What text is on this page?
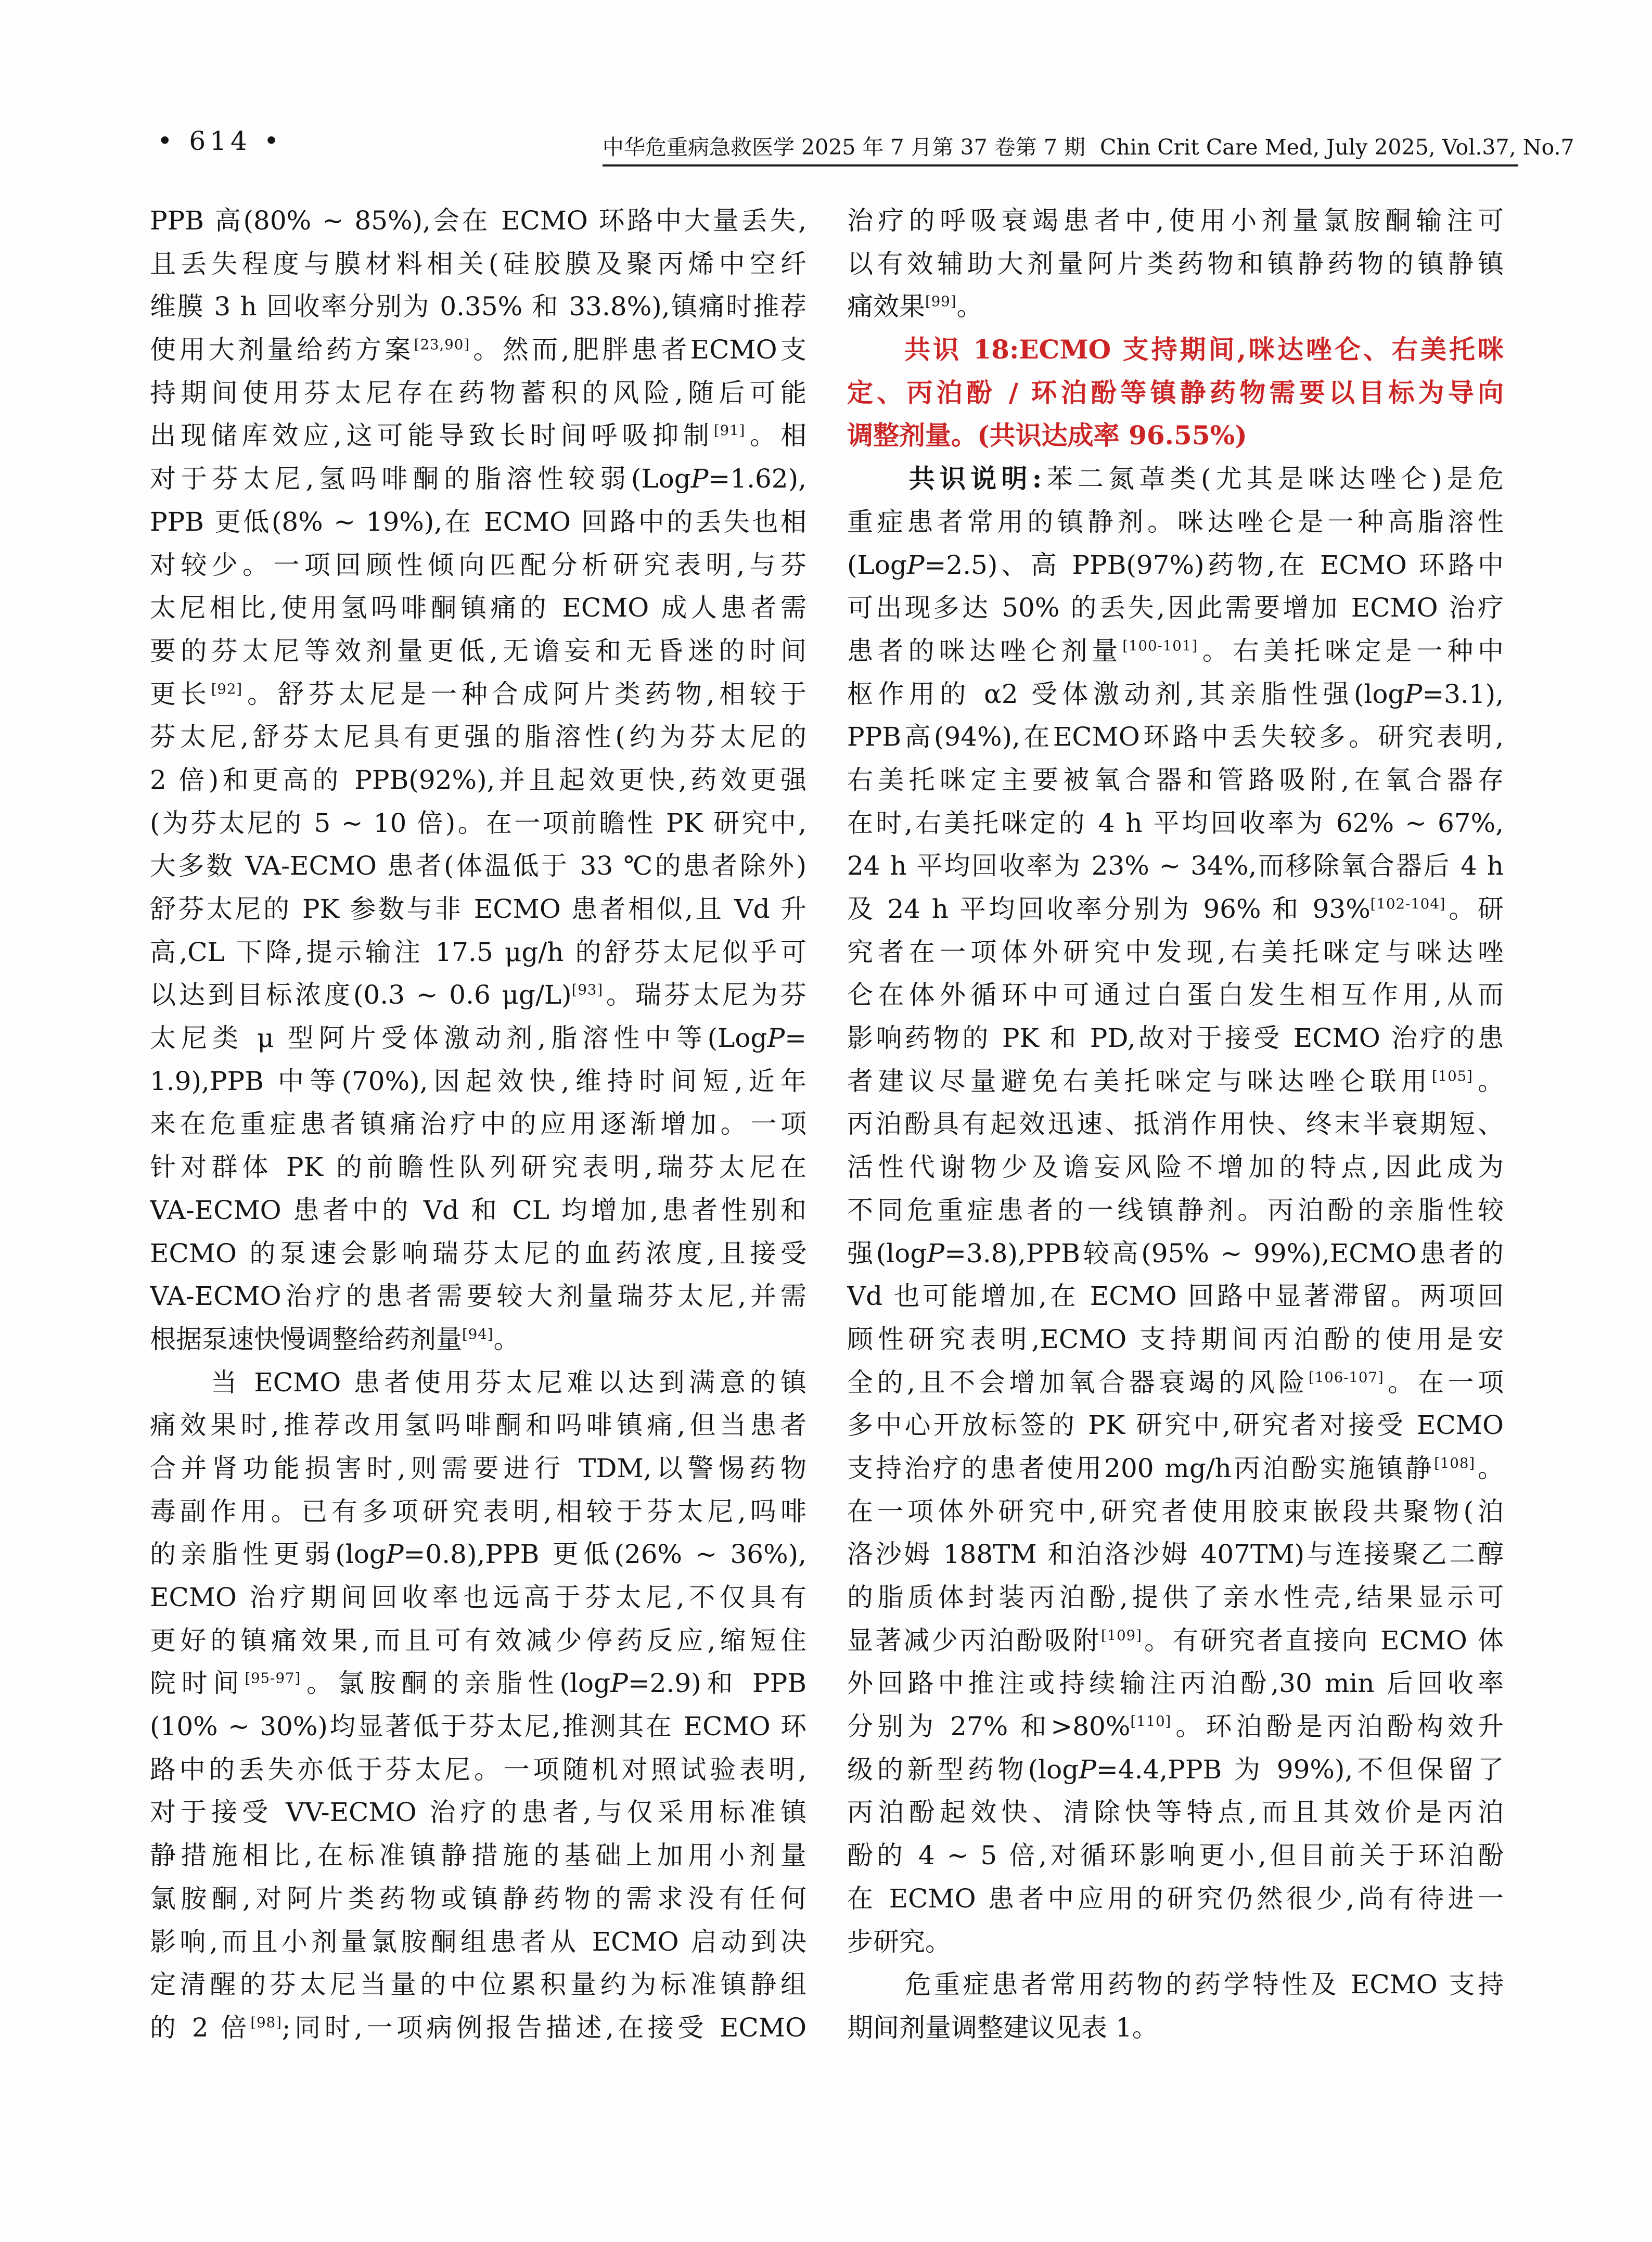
• 614 •	中华危重病急救医学 2025 年 7 月第 37 卷第 7 期 Chin Crit Care Med, July 2025, Vol.37, No.7
PPB 高(80% ~ 85%),会在 ECMO 环路中大量丢失,
且丢失程度与膜材料相关(硅胶膜及聚丙烯中空纤
维膜 3 h 回收率分别为 0.35% 和 33.8%),镇痛时推荐
使用大剂量给药方案[23,90]。然而,肥胖患者ECMO支
持期间使用芬太尼存在药物蓄积的风险,随后可能
出现储库效应,这可能导致长时间呼吸抑制[91]。相
对于芬太尼,氢吗啡酮的脂溶性较弱(LogP=1.62),
PPB 更低(8% ~ 19%),在 ECMO 回路中的丢失也相
对较少。一项回顾性倾向匹配分析研究表明,与芬
太尼相比,使用氢吗啡酮镇痛的 ECMO 成人患者需
要的芬太尼等效剂量更低,无谵妄和无昏迷的时间
更长[92]。舒芬太尼是一种合成阿片类药物,相较于
芬太尼,舒芬太尼具有更强的脂溶性(约为芬太尼的
2 倍)和更高的 PPB(92%),并且起效更快,药效更强
(为芬太尼的 5 ~ 10 倍)。在一项前瞻性 PK 研究中,
大多数 VA-ECMO 患者(体温低于 33 ℃的患者除外)
舒芬太尼的 PK 参数与非 ECMO 患者相似,且 Vd 升
高,CL 下降,提示输注 17.5 μg/h 的舒芬太尼似乎可
以达到目标浓度(0.3 ~ 0.6 μg/L)[93]。瑞芬太尼为芬
太尼类 μ 型阿片受体激动剂,脂溶性中等(LogP=
1.9),PPB 中等(70%),因起效快,维持时间短,近年
来在危重症患者镇痛治疗中的应用逐渐增加。一项
针对群体 PK 的前瞻性队列研究表明,瑞芬太尼在
VA-ECMO 患者中的 Vd 和 CL 均增加,患者性别和
ECMO 的泵速会影响瑞芬太尼的血药浓度,且接受
VA-ECMO治疗的患者需要较大剂量瑞芬太尼,并需
根据泵速快慢调整给药剂量[94]。
　　当 ECMO 患者使用芬太尼难以达到满意的镇
痛效果时,推荐改用氢吗啡酮和吗啡镇痛,但当患者
合并肾功能损害时,则需要进行 TDM,以警惕药物
毒副作用。已有多项研究表明,相较于芬太尼,吗啡
的亲脂性更弱(logP=0.8),PPB 更低(26% ~ 36%),
ECMO 治疗期间回收率也远高于芬太尼,不仅具有
更好的镇痛效果,而且可有效减少停药反应,缩短住
院时间[95-97]。氯胺酮的亲脂性(logP=2.9)和 PPB
(10% ~ 30%)均显著低于芬太尼,推测其在 ECMO 环
路中的丢失亦低于芬太尼。一项随机对照试验表明,
对于接受 VV-ECMO 治疗的患者,与仅采用标准镇
静措施相比,在标准镇静措施的基础上加用小剂量
氯胺酮,对阿片类药物或镇静药物的需求没有任何
影响,而且小剂量氯胺酮组患者从 ECMO 启动到决
定清醒的芬太尼当量的中位累积量约为标准镇静组
的 2 倍[98];同时,一项病例报告描述,在接受 ECMO
治疗的呼吸衰竭患者中,使用小剂量氯胺酮输注可
以有效辅助大剂量阿片类药物和镇静药物的镇静镇
痛效果[99]。
　　共识 18:ECMO 支持期间,咪达唑仑、右美托咪
定、丙泊酚 / 环泊酚等镇静药物需要以目标为导向
调整剂量。(共识达成率 96.55%)
　　共识说明:苯二氮䓬类(尤其是咪达唑仑)是危
重症患者常用的镇静剂。咪达唑仑是一种高脂溶性
(LogP=2.5)、高 PPB(97%)药物,在 ECMO 环路中
可出现多达 50% 的丢失,因此需要增加 ECMO 治疗
患者的咪达唑仑剂量[100-101]。右美托咪定是一种中
枢作用的 α2 受体激动剂,其亲脂性强(logP=3.1),
PPB高(94%),在ECMO环路中丢失较多。研究表明,
右美托咪定主要被氧合器和管路吸附,在氧合器存
在时,右美托咪定的 4 h 平均回收率为 62% ~ 67%,
24 h 平均回收率为 23% ~ 34%,而移除氧合器后 4 h
及 24 h 平均回收率分别为 96% 和 93%[102-104]。研
究者在一项体外研究中发现,右美托咪定与咪达唑
仑在体外循环中可通过白蛋白发生相互作用,从而
影响药物的 PK 和 PD,故对于接受 ECMO 治疗的患
者建议尽量避免右美托咪定与咪达唑仑联用[105]。
丙泊酚具有起效迅速、抵消作用快、终末半衰期短、
活性代谢物少及谵妄风险不增加的特点,因此成为
不同危重症患者的一线镇静剂。丙泊酚的亲脂性较
强(logP=3.8),PPB较高(95% ~ 99%),ECMO患者的
Vd 也可能增加,在 ECMO 回路中显著滞留。两项回
顾性研究表明,ECMO 支持期间丙泊酚的使用是安
全的,且不会增加氧合器衰竭的风险[106-107]。在一项
多中心开放标签的 PK 研究中,研究者对接受 ECMO
支持治疗的患者使用200 mg/h丙泊酚实施镇静[108]。
在一项体外研究中,研究者使用胶束嵌段共聚物(泊
洛沙姆 188TM 和泊洛沙姆 407TM)与连接聚乙二醇
的脂质体封装丙泊酚,提供了亲水性壳,结果显示可
显著减少丙泊酚吸附[109]。有研究者直接向 ECMO 体
外回路中推注或持续输注丙泊酚,30 min 后回收率
分别为 27% 和>80%[110]。环泊酚是丙泊酚构效升
级的新型药物(logP=4.4,PPB 为 99%),不但保留了
丙泊酚起效快、清除快等特点,而且其效价是丙泊
酚的 4 ~ 5 倍,对循环影响更小,但目前关于环泊酚
在 ECMO 患者中应用的研究仍然很少,尚有待进一
步研究。
　　危重症患者常用药物的药学特性及 ECMO 支持
期间剂量调整建议见表 1。
